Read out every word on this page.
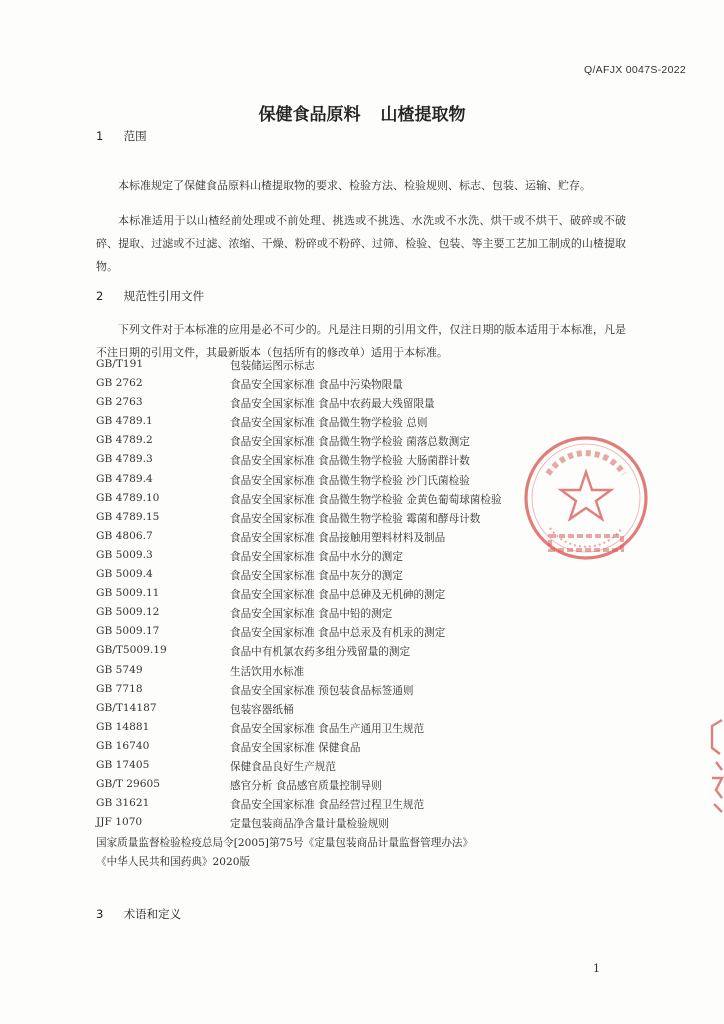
Q/AFJX 0047S-2022
保健食品原料 山楂提取物
1 范围
本标准规定了保健食品原料山楂提取物的要求、检验方法、检验规则、标志、包装、运输、贮存。
本标准适用于以山楂经前处理或不前处理、挑选或不挑选、水洗或不水洗、烘干或不烘干、破碎或不破碎、提取、过滤或不过滤、浓缩、干燥、粉碎或不粉碎、过筛、检验、包装、等主要工艺加工制成的山楂提取物。
2 规范性引用文件
下列文件对于本标准的应用是必不可少的。凡是注日期的引用文件，仅注日期的版本适用于本标准，凡是不注日期的引用文件，其最新版本（包括所有的修改单）适用于本标准。
GB/T191	包装储运图示标志
GB 2762	食品安全国家标准 食品中污染物限量
GB 2763	食品安全国家标准 食品中农药最大残留限量
GB 4789.1	食品安全国家标准 食品微生物学检验 总则
GB 4789.2	食品安全国家标准 食品微生物学检验 菌落总数测定
GB 4789.3	食品安全国家标准 食品微生物学检验 大肠菌群计数
GB 4789.4	食品安全国家标准 食品微生物学检验 沙门氏菌检验
GB 4789.10	食品安全国家标准 食品微生物学检验 金黄色葡萄球菌检验
GB 4789.15	食品安全国家标准 食品微生物学检验 霉菌和酵母计数
GB 4806.7	食品安全国家标准 食品接触用塑料材料及制品
GB 5009.3	食品安全国家标准 食品中水分的测定
GB 5009.4	食品安全国家标准 食品中灰分的测定
GB 5009.11	食品安全国家标准 食品中总砷及无机砷的测定
GB 5009.12	食品安全国家标准 食品中铅的测定
GB 5009.17	食品安全国家标准 食品中总汞及有机汞的测定
GB/T5009.19	食品中有机氯农药多组分残留量的测定
GB 5749	生活饮用水标准
GB 7718	食品安全国家标准 预包装食品标签通则
GB/T14187	包装容器纸桶
GB 14881	食品安全国家标准 食品生产通用卫生规范
GB 16740	食品安全国家标准 保健食品
GB 17405	保健食品良好生产规范
GB/T 29605	感官分析 食品感官质量控制导则
GB 31621	食品安全国家标准 食品经营过程卫生规范
JJF 1070	定量包装商品净含量计量检验规则
国家质量监督检验检疫总局令[2005]第75号《定量包装商品计量监督管理办法》
《中华人民共和国药典》2020版
3 术语和定义
1
